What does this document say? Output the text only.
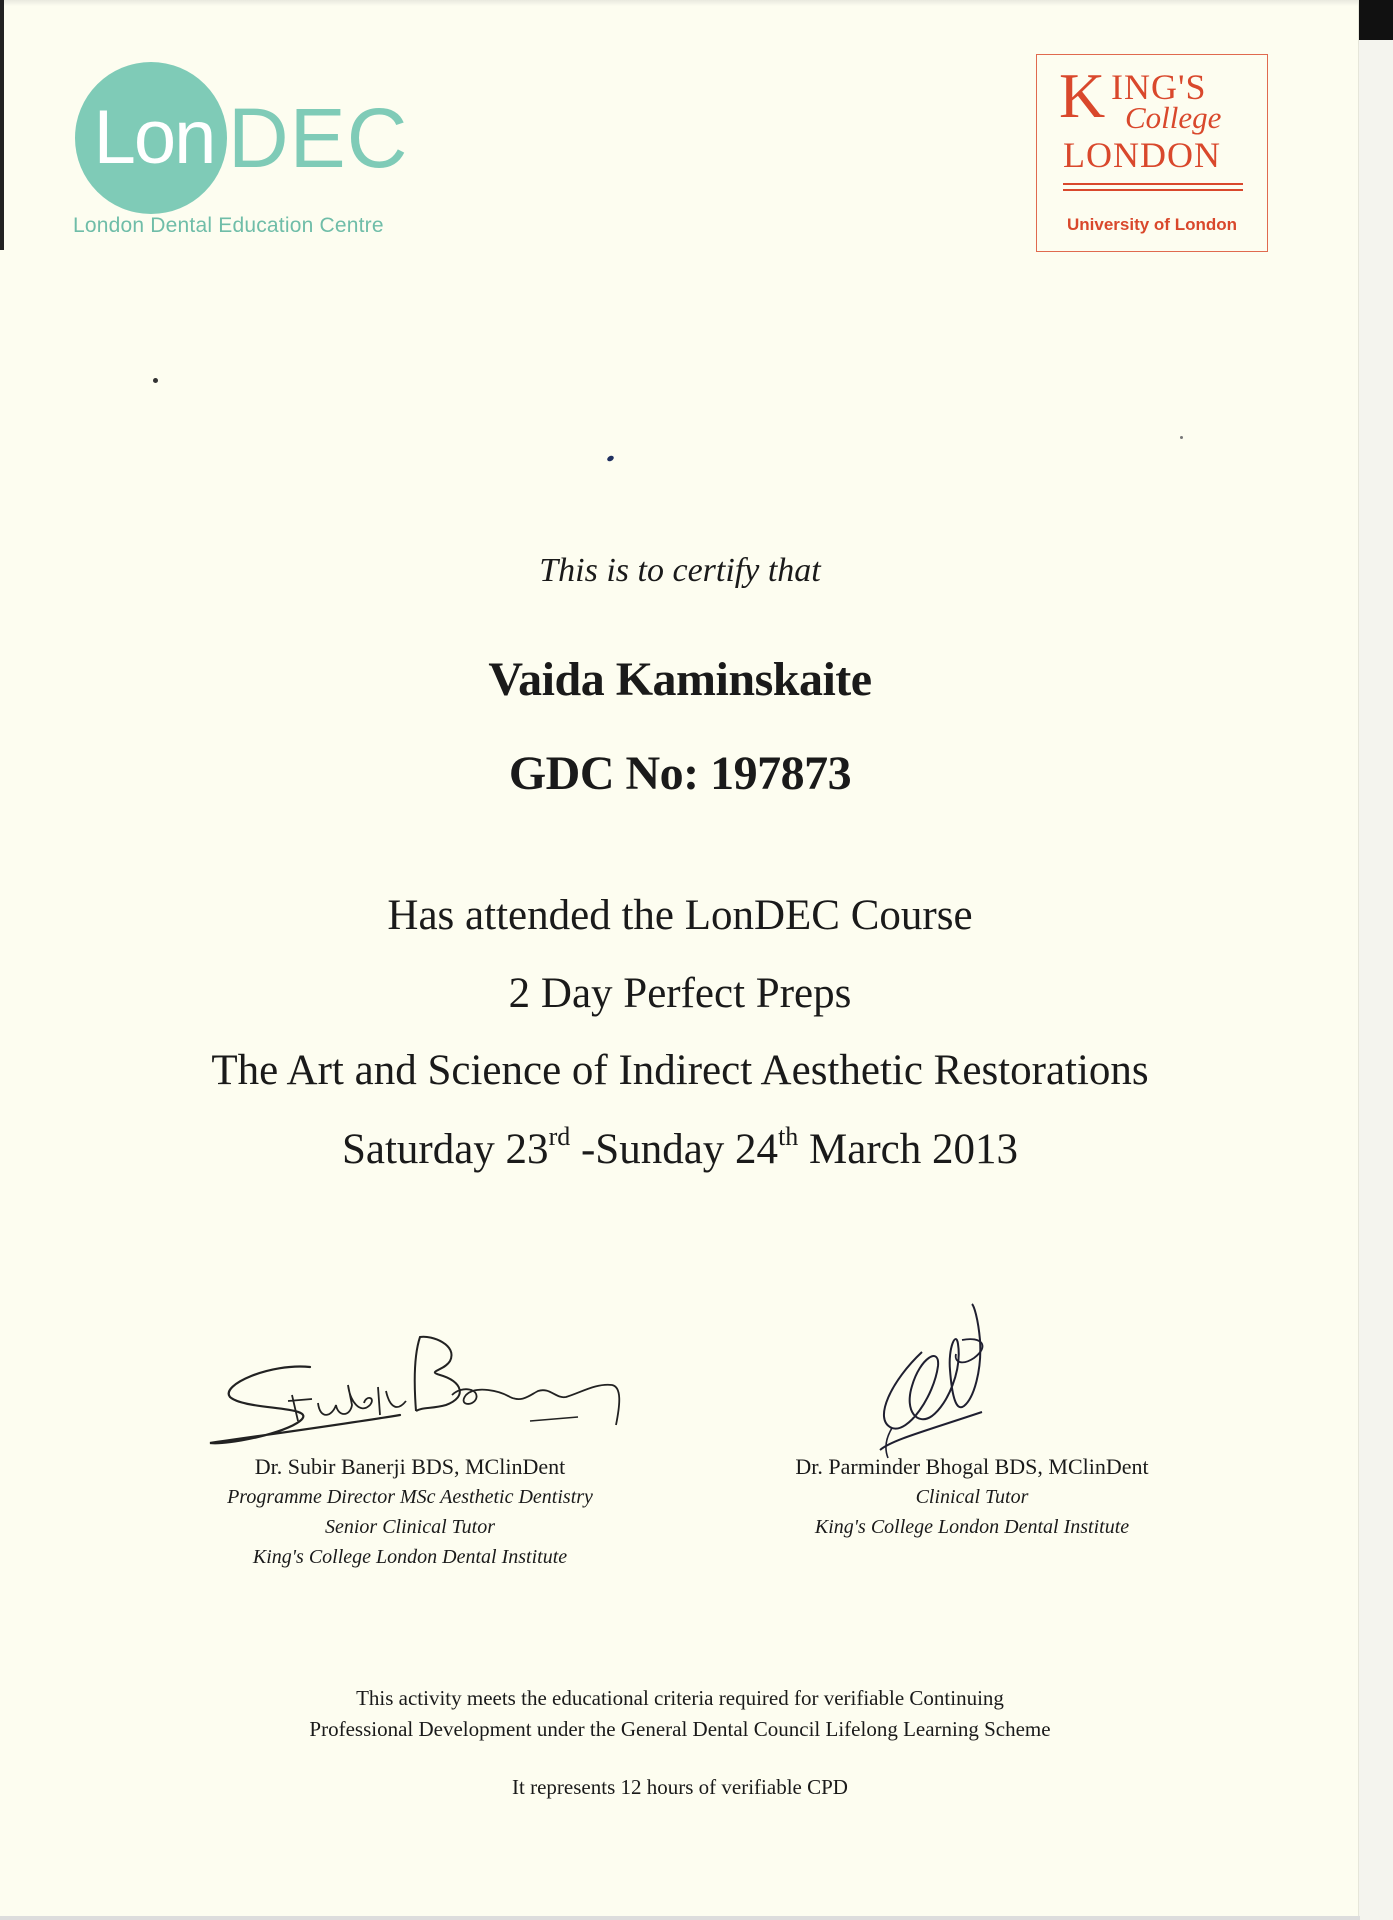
Lon DEC
London Dental Education Centre
K ING'S
College
LONDON
University of London
This is to certify that
Vaida Kaminskaite
GDC No: 197873
Has attended the LonDEC Course
2 Day Perfect Preps
The Art and Science of Indirect Aesthetic Restorations
Saturday 23rd -Sunday 24th March 2013
Dr. Subir Banerji BDS, MClinDent
Programme Director MSc Aesthetic Dentistry
Senior Clinical Tutor
King's College London Dental Institute
Dr. Parminder Bhogal BDS, MClinDent
Clinical Tutor
King's College London Dental Institute
This activity meets the educational criteria required for verifiable Continuing
Professional Development under the General Dental Council Lifelong Learning Scheme
It represents 12 hours of verifiable CPD
